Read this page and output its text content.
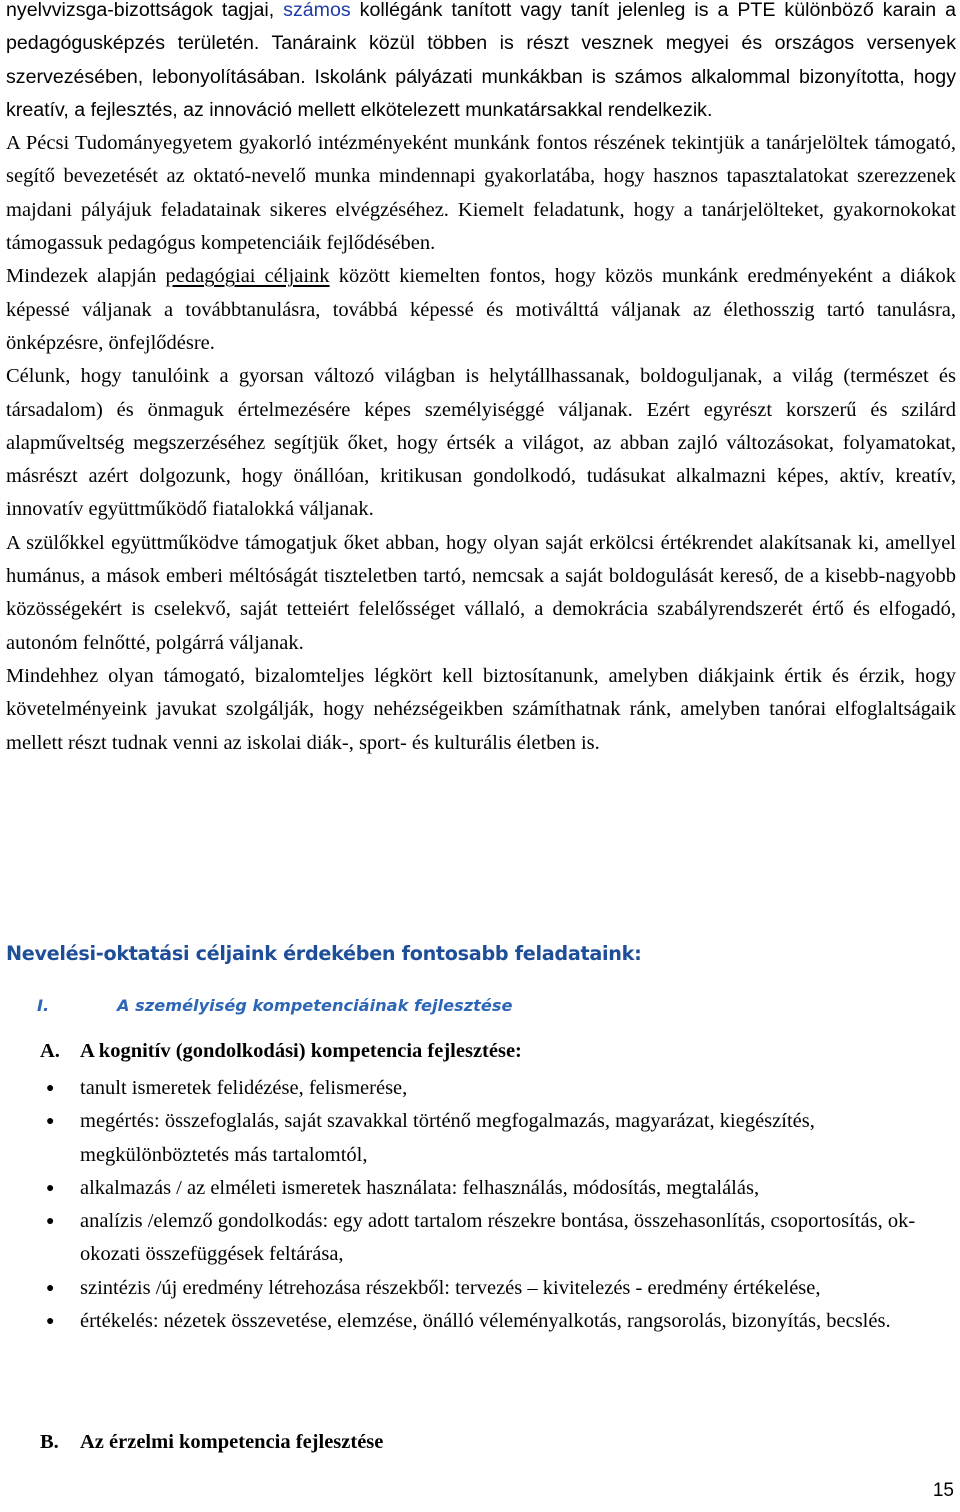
nyelvvizsga-bizottságok tagjai, számos kollégánk tanított vagy tanít jelenleg is a PTE különböző karain a pedagógusképzés területén. Tanáraink közül többen is részt vesznek megyei és országos versenyek szervezésében, lebonyolításában. Iskolánk pályázati munkákban is számos alkalommal bizonyította, hogy kreatív, a fejlesztés, az innováció mellett elkötelezett munkatársakkal rendelkezik.

A Pécsi Tudományegyetem gyakorló intézményeként munkánk fontos részének tekintjük a tanárjelöltek támogató, segítő bevezetését az oktató-nevelő munka mindennapi gyakorlatába, hogy hasznos tapasztalatokat szerezzenek majdani pályájuk feladatainak sikeres elvégzéséhez. Kiemelt feladatunk, hogy a tanárjelölteket, gyakornokokat támogassuk pedagógus kompetenciáik fejlődésében.

Mindezek alapján pedagógiai céljaink között kiemelten fontos, hogy közös munkánk eredményeként a diákok képessé váljanak a továbbtanulásra, továbbá képessé és motiválttá váljanak az élethosszig tartó tanulásra, önképzésre, önfejlődésre.

Célunk, hogy tanulóink a gyorsan változó világban is helytállhassanak, boldoguljanak, a világ (természet és társadalom) és önmaguk értelmezésére képes személyiséggé váljanak. Ezért egyrészt korszerű és szilárd alapműveltség megszerzéséhez segítjük őket, hogy értsék a világot, az abban zajló változásokat, folyamatokat, másrészt azért dolgozunk, hogy önállóan, kritikusan gondolkodó, tudásukat alkalmazni képes, aktív, kreatív, innovatív együttműködő fiatalokká váljanak.

A szülőkkel együttműködve támogatjuk őket abban, hogy olyan saját erkölcsi értékrendet alakítsanak ki, amellyel humánus, a mások emberi méltóságát tiszteletben tartó, nemcsak a saját boldogulását kereső, de a kisebb-nagyobb közösségekért is cselekvő, saját tetteiért felelősséget vállaló, a demokrácia szabályrendszerét értő és elfogadó, autonóm felnőtté, polgárrá váljanak.

Mindehhez olyan támogató, bizalomteljes légkört kell biztosítanunk, amelyben diákjaink értik és érzik, hogy követelményeink javukat szolgálják, hogy nehézségeikben számíthatnak ránk, amelyben tanórai elfoglaltságaik mellett részt tudnak venni az iskolai diák-, sport- és kulturális életben is.

Nevelési-oktatási céljaink érdekében fontosabb feladataink:
I.	A személyiség kompetenciáinak fejlesztése

A. A kognitív (gondolkodási) kompetencia fejlesztése:

● tanult ismeretek felidézése, felismerése,
● megértés: összefoglalás, saját szavakkal történő megfogalmazás, magyarázat, kiegészítés, megkülönböztetés más tartalomtól,
● alkalmazás / az elméleti ismeretek használata: felhasználás, módosítás, megtalálás,
● analízis /elemző gondolkodás: egy adott tartalom részekre bontása, összehasonlítás, csoportosítás, ok-okozati összefüggések feltárása,
● szintézis /új eredmény létrehozása részekből: tervezés – kivitelezés - eredmény értékelése,
● értékelés: nézetek összevetése, elemzése, önálló véleményalkotás, rangsorolás, bizonyítás, becslés.

B. Az érzelmi kompetencia fejlesztése

15
